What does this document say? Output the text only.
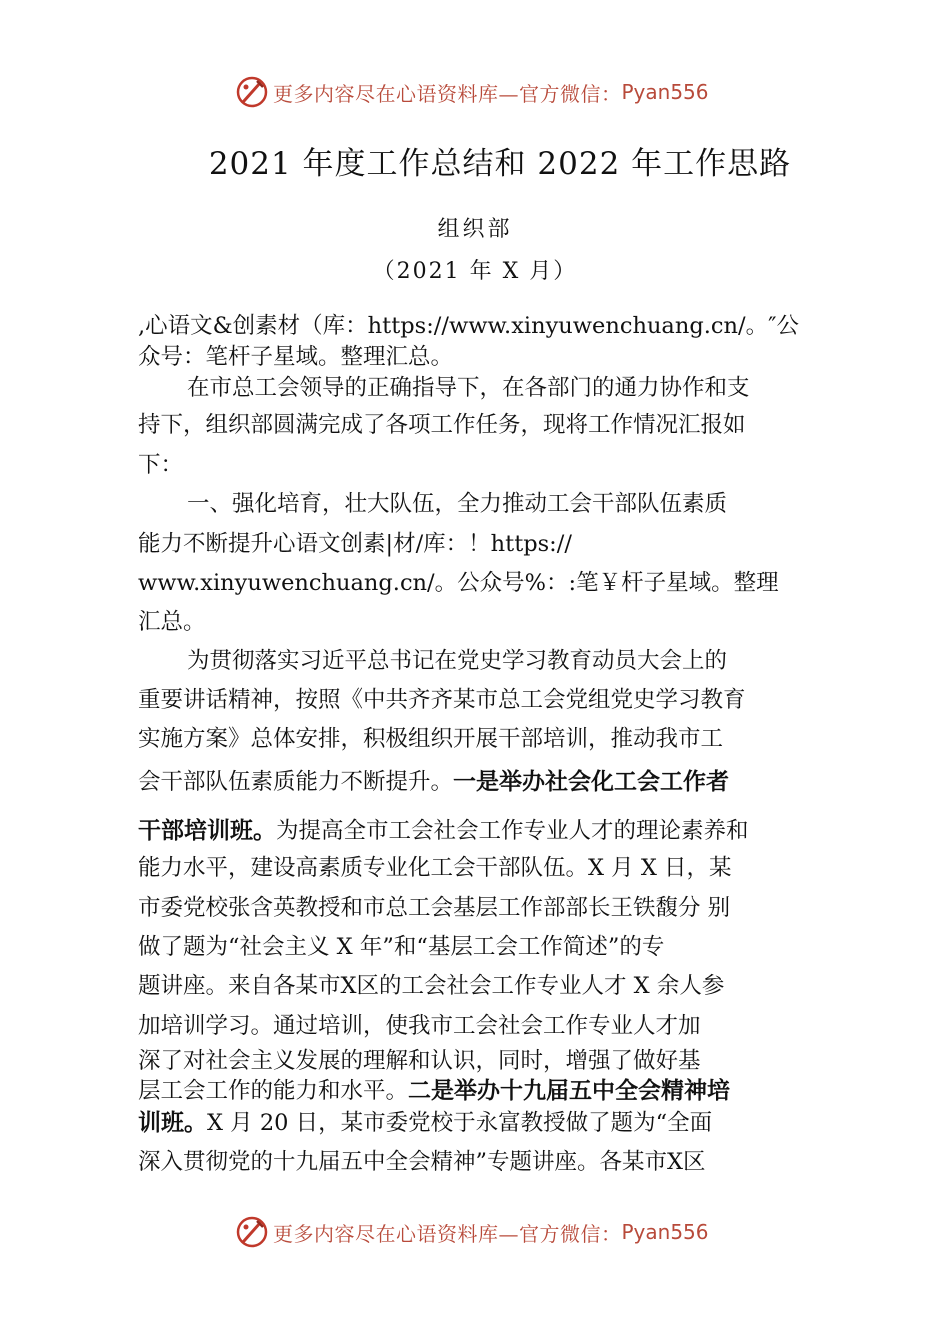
更多内容尽在心语资料库—官方微信： Pyan556
2021 年度工作总结和 2022 年工作思路
组织部
（2021 年 X 月）
,心语文&创素材（库：https://www.xinyuwenchuang.cn/。″公
众号：笔杆子星域。整理汇总。
在市总工会领导的正确指导下，在各部门的通力协作和支
持下，组织部圆满完成了各项工作任务，现将工作情况汇报如
下：
一、强化培育，壮大队伍，全力推动工会干部队伍素质
能力不断提升心语文创素|材/库：！https://
www.xinyuwenchuang.cn/。公众号%：:笔￥杆子星域。整理
汇总。
为贯彻落实习近平总书记在党史学习教育动员大会上的
重要讲话精神，按照《中共齐齐某市总工会党组党史学习教育
实施方案》总体安排，积极组织开展干部培训，推动我市工
会干部队伍素质能力不断提升。一是举办社会化工会工作者
干部培训班。为提高全市工会社会工作专业人才的理论素养和
能力水平，建设高素质专业化工会干部队伍。X 月 X 日，某
市委党校张含英教授和市总工会基层工作部部长王铁馥分 别
做了题为“社会主义 X 年”和“基层工会工作简述”的专
题讲座。来自各某市X区的工会社会工作专业人才 X 余人参
加培训学习。通过培训，使我市工会社会工作专业人才加
深了对社会主义发展的理解和认识，同时，增强了做好基
层工会工作的能力和水平。二是举办十九届五中全会精神培
训班。X 月 20 日，某市委党校于永富教授做了题为“全面
深入贯彻党的十九届五中全会精神”专题讲座。各某市X区
更多内容尽在心语资料库—官方微信： Pyan556
